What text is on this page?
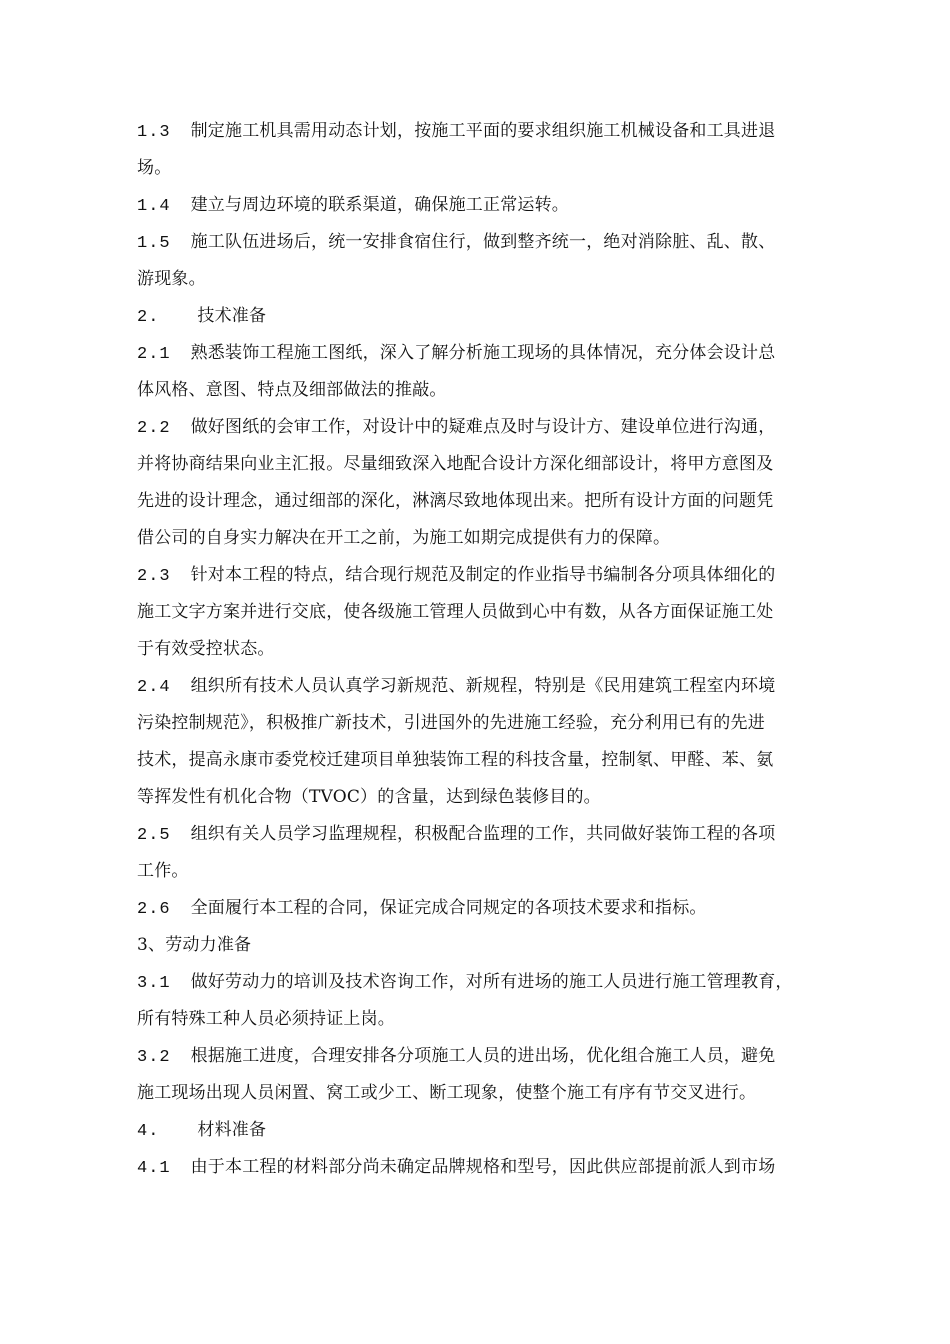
1.3 制定施工机具需用动态计划，按施工平面的要求组织施工机械设备和工具进退
场。
1.4 建立与周边环境的联系渠道，确保施工正常运转。
1.5 施工队伍进场后，统一安排食宿住行，做到整齐统一，绝对消除脏、乱、散、
游现象。
2. 技术准备
2.1 熟悉装饰工程施工图纸，深入了解分析施工现场的具体情况，充分体会设计总
体风格、意图、特点及细部做法的推敲。
2.2 做好图纸的会审工作，对设计中的疑难点及时与设计方、建设单位进行沟通，
并将协商结果向业主汇报。尽量细致深入地配合设计方深化细部设计，将甲方意图及
先进的设计理念，通过细部的深化，淋漓尽致地体现出来。把所有设计方面的问题凭
借公司的自身实力解决在开工之前，为施工如期完成提供有力的保障。
2.3 针对本工程的特点，结合现行规范及制定的作业指导书编制各分项具体细化的
施工文字方案并进行交底，使各级施工管理人员做到心中有数，从各方面保证施工处
于有效受控状态。
2.4 组织所有技术人员认真学习新规范、新规程，特别是《民用建筑工程室内环境
污染控制规范》，积极推广新技术，引进国外的先进施工经验，充分利用已有的先进
技术，提高永康市委党校迁建项目单独装饰工程的科技含量，控制氡、甲醛、苯、氨
等挥发性有机化合物（TVOC）的含量，达到绿色装修目的。
2.5 组织有关人员学习监理规程，积极配合监理的工作，共同做好装饰工程的各项
工作。
2.6 全面履行本工程的合同，保证完成合同规定的各项技术要求和指标。
3、劳动力准备
3.1 做好劳动力的培训及技术咨询工作，对所有进场的施工人员进行施工管理教育，
所有特殊工种人员必须持证上岗。
3.2 根据施工进度，合理安排各分项施工人员的进出场，优化组合施工人员，避免
施工现场出现人员闲置、窝工或少工、断工现象，使整个施工有序有节交叉进行。
4. 材料准备
4.1 由于本工程的材料部分尚未确定品牌规格和型号，因此供应部提前派人到市场
